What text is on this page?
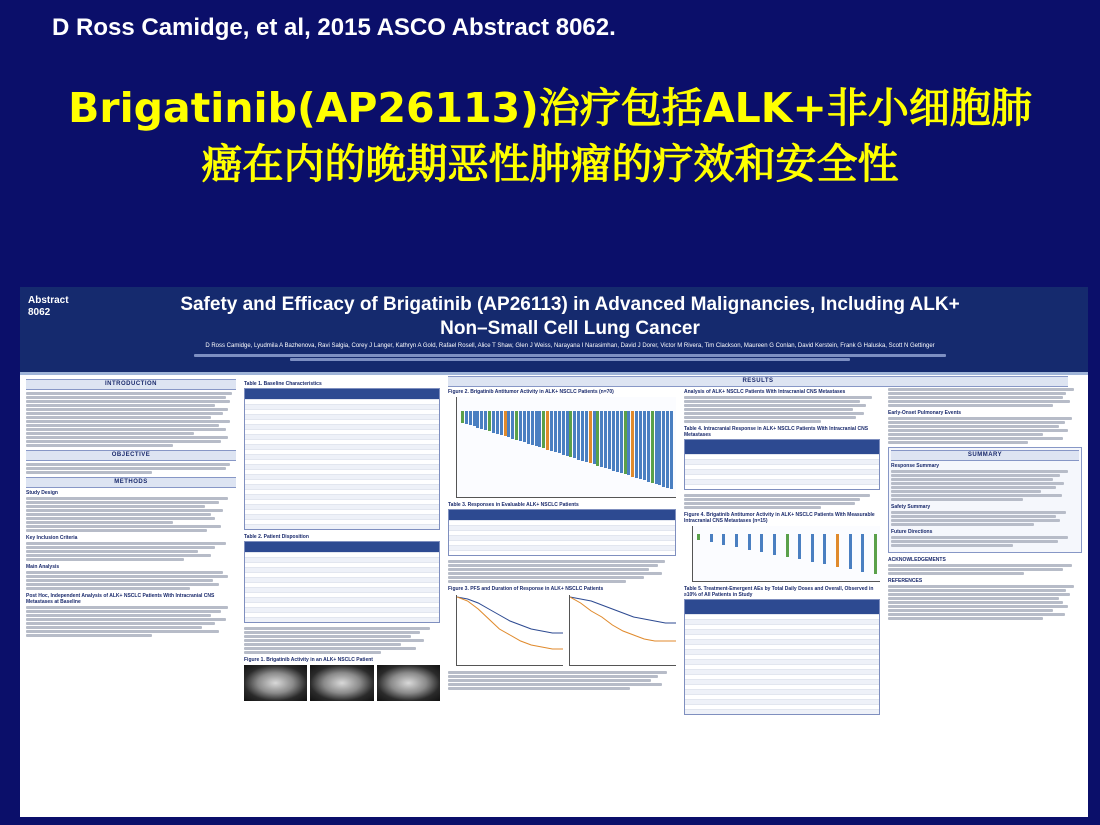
D Ross Camidge, et al, 2015 ASCO Abstract 8062.
Brigatinib(AP26113)治疗包括ALK+非小细胞肺癌在内的晚期恶性肿瘤的疗效和安全性
Abstract 8062	Safety and Efficacy of Brigatinib (AP26113) in Advanced Malignancies, Including ALK+ Non–Small Cell Lung Cancer
D Ross Camidge, Lyudmila A Bazhenova, Ravi Salgia, Corey J Langer, Kathryn A Gold, Rafael Rosell, Alice T Shaw, Glen J Weiss, Narayana I Narasimhan, David J Dorer, Victor M Rivera, Tim Clackson, Maureen G Conlan, David Kerstein, Frank G Haluska, Scott N Gettinger
INTRODUCTION
OBJECTIVE
METHODS
Study Design
Key Inclusion Criteria
Main Analysis
Post Hoc, Independent Analysis of ALK+ NSCLC Patients With Intracranial CNS Metastases at Baseline
Table 1. Baseline Characteristics
Table 2. Patient Disposition
Figure 1. Brigatinib Activity in an ALK+ NSCLC Patient
RESULTS
Figure 2. Brigatinib Antitumor Activity in ALK+ NSCLC Patients (n=70)
Table 3. Responses in Evaluable ALK+ NSCLC Patients
Figure 3. PFS and Duration of Response in ALK+ NSCLC Patients
Analysis of ALK+ NSCLC Patients With Intracranial CNS Metastases
Table 4. Intracranial Response in ALK+ NSCLC Patients With Intracranial CNS Metastases
Figure 4. Brigatinib Antitumor Activity in ALK+ NSCLC Patients With Measurable Intracranial CNS Metastases (n=15)
Table 5. Treatment-Emergent AEs by Total Daily Doses and Overall, Observed in ≥10% of All Patients in Study
Early-Onset Pulmonary Events
SUMMARY
Response Summary
Safety Summary
Future Directions
ACKNOWLEDGEMENTS
REFERENCES
